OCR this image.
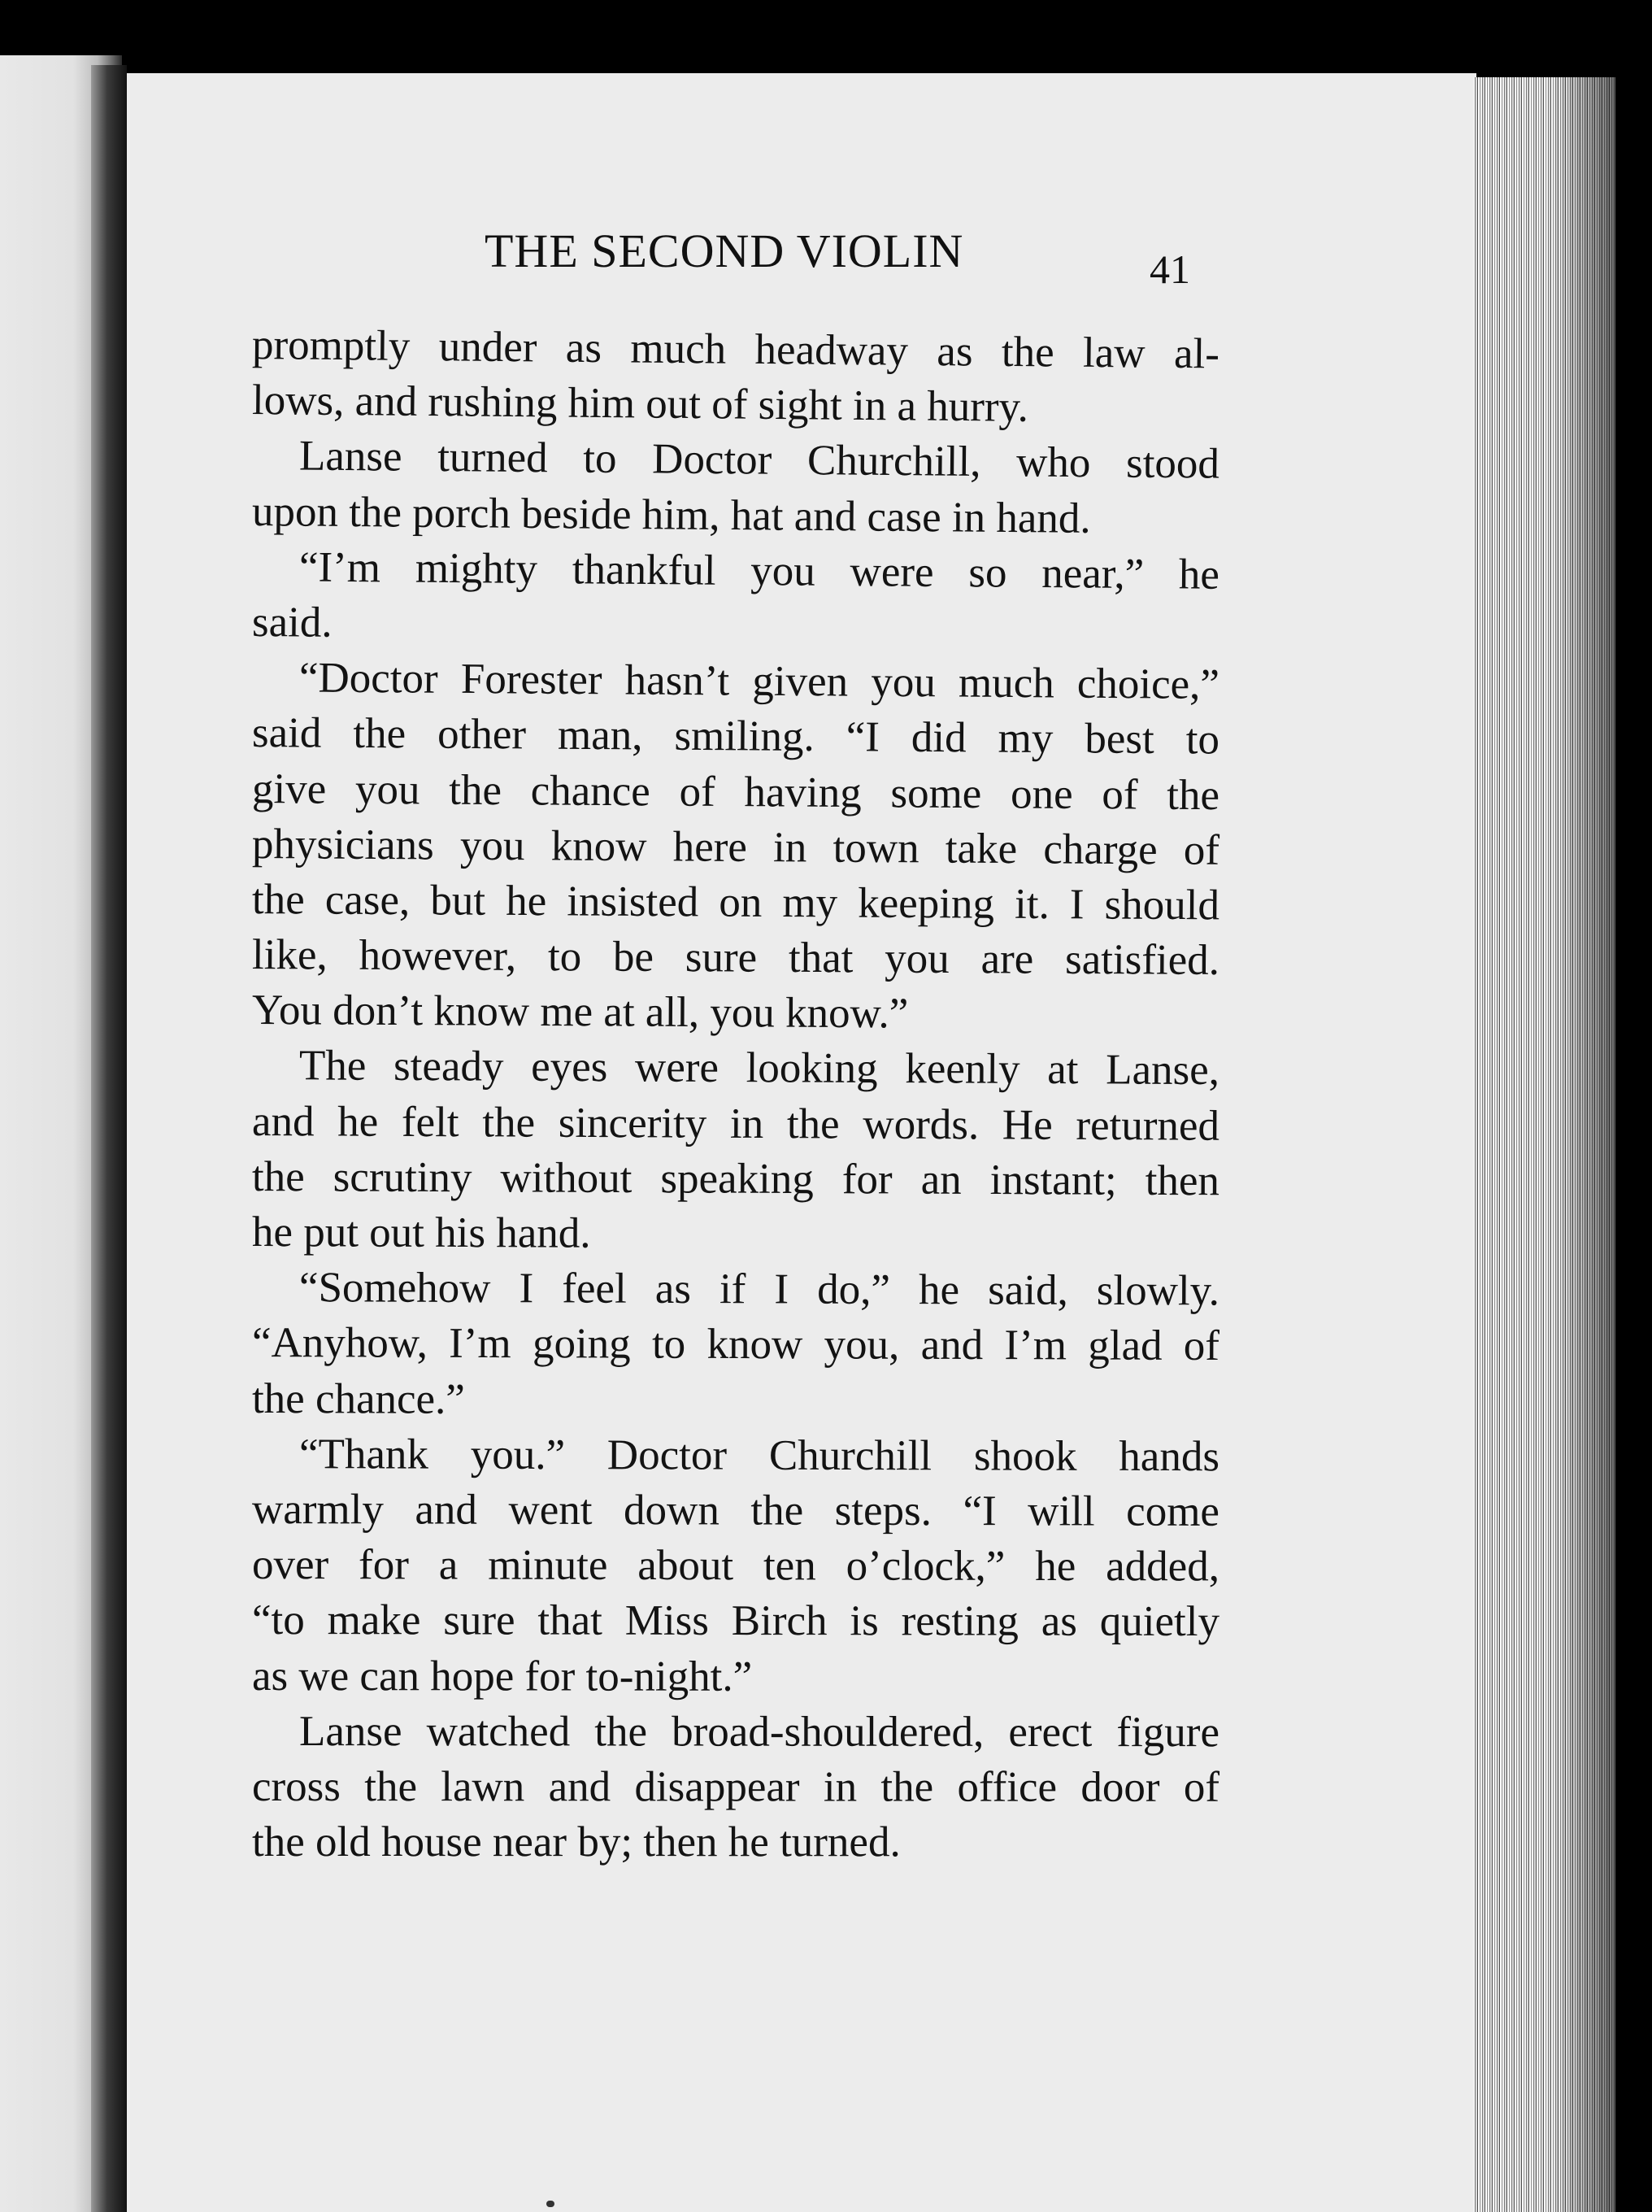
THE SECOND VIOLIN	41
promptly under as much headway as the law al-
lows, and rushing him out of sight in a hurry.
Lanse turned to Doctor Churchill, who stood
upon the porch beside him, hat and case in hand.
“I’m mighty thankful you were so near,” he
said.
“Doctor Forester hasn’t given you much choice,”
said the other man, smiling. “I did my best to
give you the chance of having some one of the
physicians you know here in town take charge of
the case, but he insisted on my keeping it. I should
like, however, to be sure that you are satisfied.
You don’t know me at all, you know.”
The steady eyes were looking keenly at Lanse,
and he felt the sincerity in the words. He returned
the scrutiny without speaking for an instant; then
he put out his hand.
“Somehow I feel as if I do,” he said, slowly.
“Anyhow, I’m going to know you, and I’m glad of
the chance.”
“Thank you.” Doctor Churchill shook hands
warmly and went down the steps. “I will come
over for a minute about ten o’clock,” he added,
“to make sure that Miss Birch is resting as quietly
as we can hope for to-night.”
Lanse watched the broad-shouldered, erect figure
cross the lawn and disappear in the office door of
the old house near by; then he turned.
